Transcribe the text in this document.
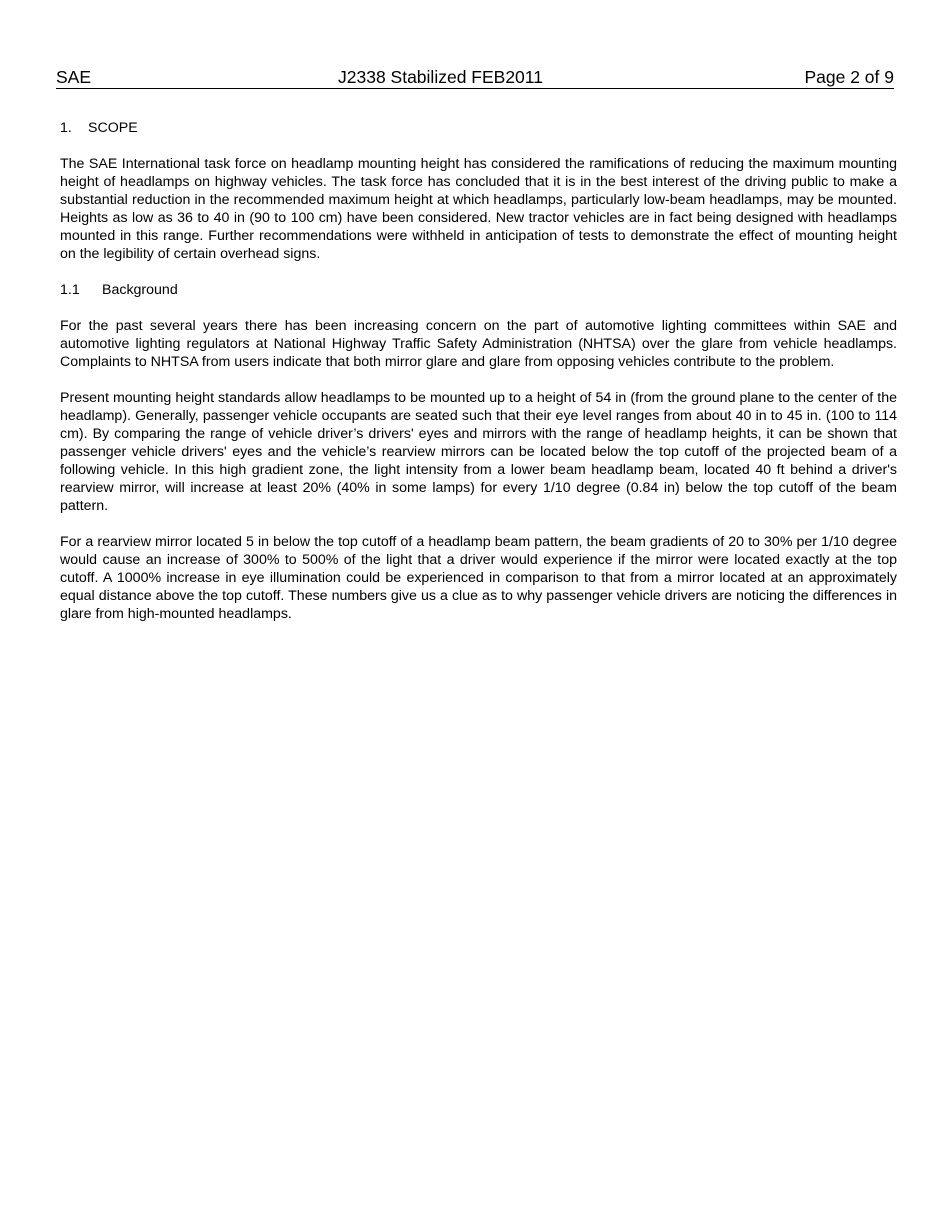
SAE	J2338 Stabilized FEB2011	Page 2 of 9
1. SCOPE

The SAE International task force on headlamp mounting height has considered the ramifications of reducing the maximum mounting height of headlamps on highway vehicles. The task force has concluded that it is in the best interest of the driving public to make a substantial reduction in the recommended maximum height at which headlamps, particularly low-beam headlamps, may be mounted. Heights as low as 36 to 40 in (90 to 100 cm) have been considered. New tractor vehicles are in fact being designed with headlamps mounted in this range. Further recommendations were withheld in anticipation of tests to demonstrate the effect of mounting height on the legibility of certain overhead signs.

1.1 Background

For the past several years there has been increasing concern on the part of automotive lighting committees within SAE and automotive lighting regulators at National Highway Traffic Safety Administration (NHTSA) over the glare from vehicle headlamps. Complaints to NHTSA from users indicate that both mirror glare and glare from opposing vehicles contribute to the problem.

Present mounting height standards allow headlamps to be mounted up to a height of 54 in (from the ground plane to the center of the headlamp). Generally, passenger vehicle occupants are seated such that their eye level ranges from about 40 in to 45 in. (100 to 114 cm). By comparing the range of vehicle driver’s drivers' eyes and mirrors with the range of headlamp heights, it can be shown that passenger vehicle drivers' eyes and the vehicle’s rearview mirrors can be located below the top cutoff of the projected beam of a following vehicle. In this high gradient zone, the light intensity from a lower beam headlamp beam, located 40 ft behind a driver's rearview mirror, will increase at least 20% (40% in some lamps) for every 1/10 degree (0.84 in) below the top cutoff of the beam pattern.

For a rearview mirror located 5 in below the top cutoff of a headlamp beam pattern, the beam gradients of 20 to 30% per 1/10 degree would cause an increase of 300% to 500% of the light that a driver would experience if the mirror were located exactly at the top cutoff. A 1000% increase in eye illumination could be experienced in comparison to that from a mirror located at an approximately equal distance above the top cutoff. These numbers give us a clue as to why passenger vehicle drivers are noticing the differences in glare from high-mounted headlamps.
